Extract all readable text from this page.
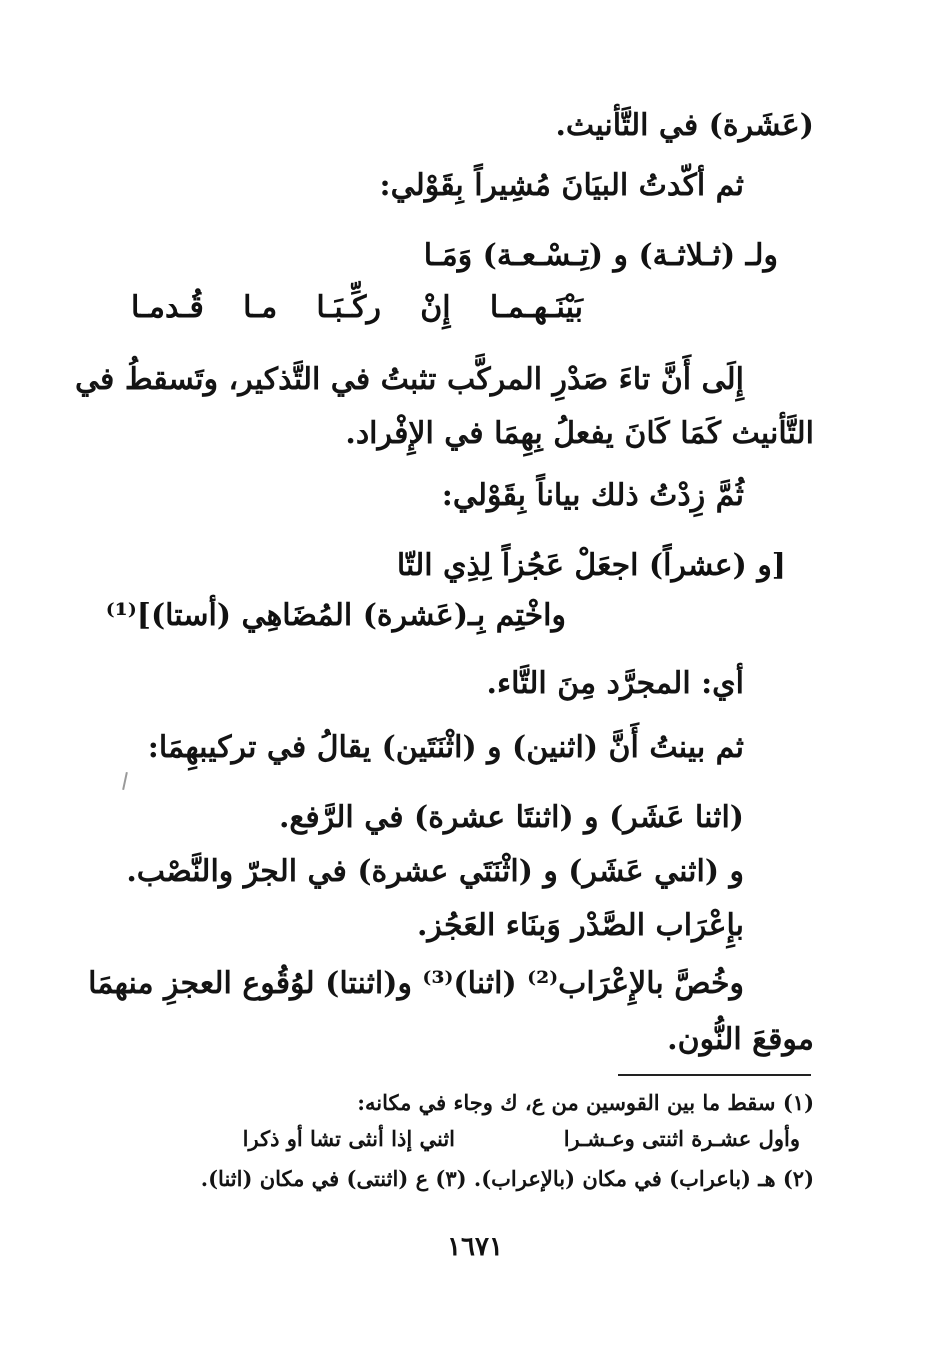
(عَشَرة) في التَّأنيث.
ثم أكّدتُ البيَانَ مُشِيراً بِقَوْلي:
ولـ (ثـلاثـة) و (تِـسْـعـة) وَمَـا
بَيْنَـهـمـا إِنْ ركِّـبَـا مـا قُـدمـا
إِلَى أَنَّ تاءَ صَدْرِ المركَّب تثبتُ في التَّذكير، وتَسقطُ في
التَّأنيث كَمَا كَانَ يفعلُ بِهِمَا في الإِفْراد.
ثُمَّ زِدْتُ ذلك بياناً بِقَوْلي:
[و (عشراً) اجعَلْ عَجُزاً لِذِي التّا
واخْتِم بِـ(عَشرة) المُضَاهِي (أستا)]⁽¹⁾
أي: المجرَّد مِنَ التَّاء.
ثم بينتُ أَنَّ (اثنين) و (اثْنَتَين) يقالُ في تركيبهِمَا:
(اثنا عَشَر) و (اثنتَا عشرة) في الرَّفع.
و (اثني عَشَر) و (اثْنَتَي عشرة) في الجرّ والنَّصْب.
بإِعْرَاب الصَّدْر وَبنَاء العَجُز.
وخُصَّ بالإِعْرَاب⁽²⁾ (اثنا)⁽³⁾ و(اثنتا) لوُقُوع العجزِ منهمَا
موقعَ النُّون.
(١) سقط ما بين القوسين من ع، ك وجاء في مكانه:
وأول عشـرة اثنتى وعـشـرا
اثني إذا أنثى تشا أو ذكرا
(٢) هـ (باعراب) في مكان (بالإعراب). (٣) ع (اثنتى) في مكان (اثنا).
١٦٧١
